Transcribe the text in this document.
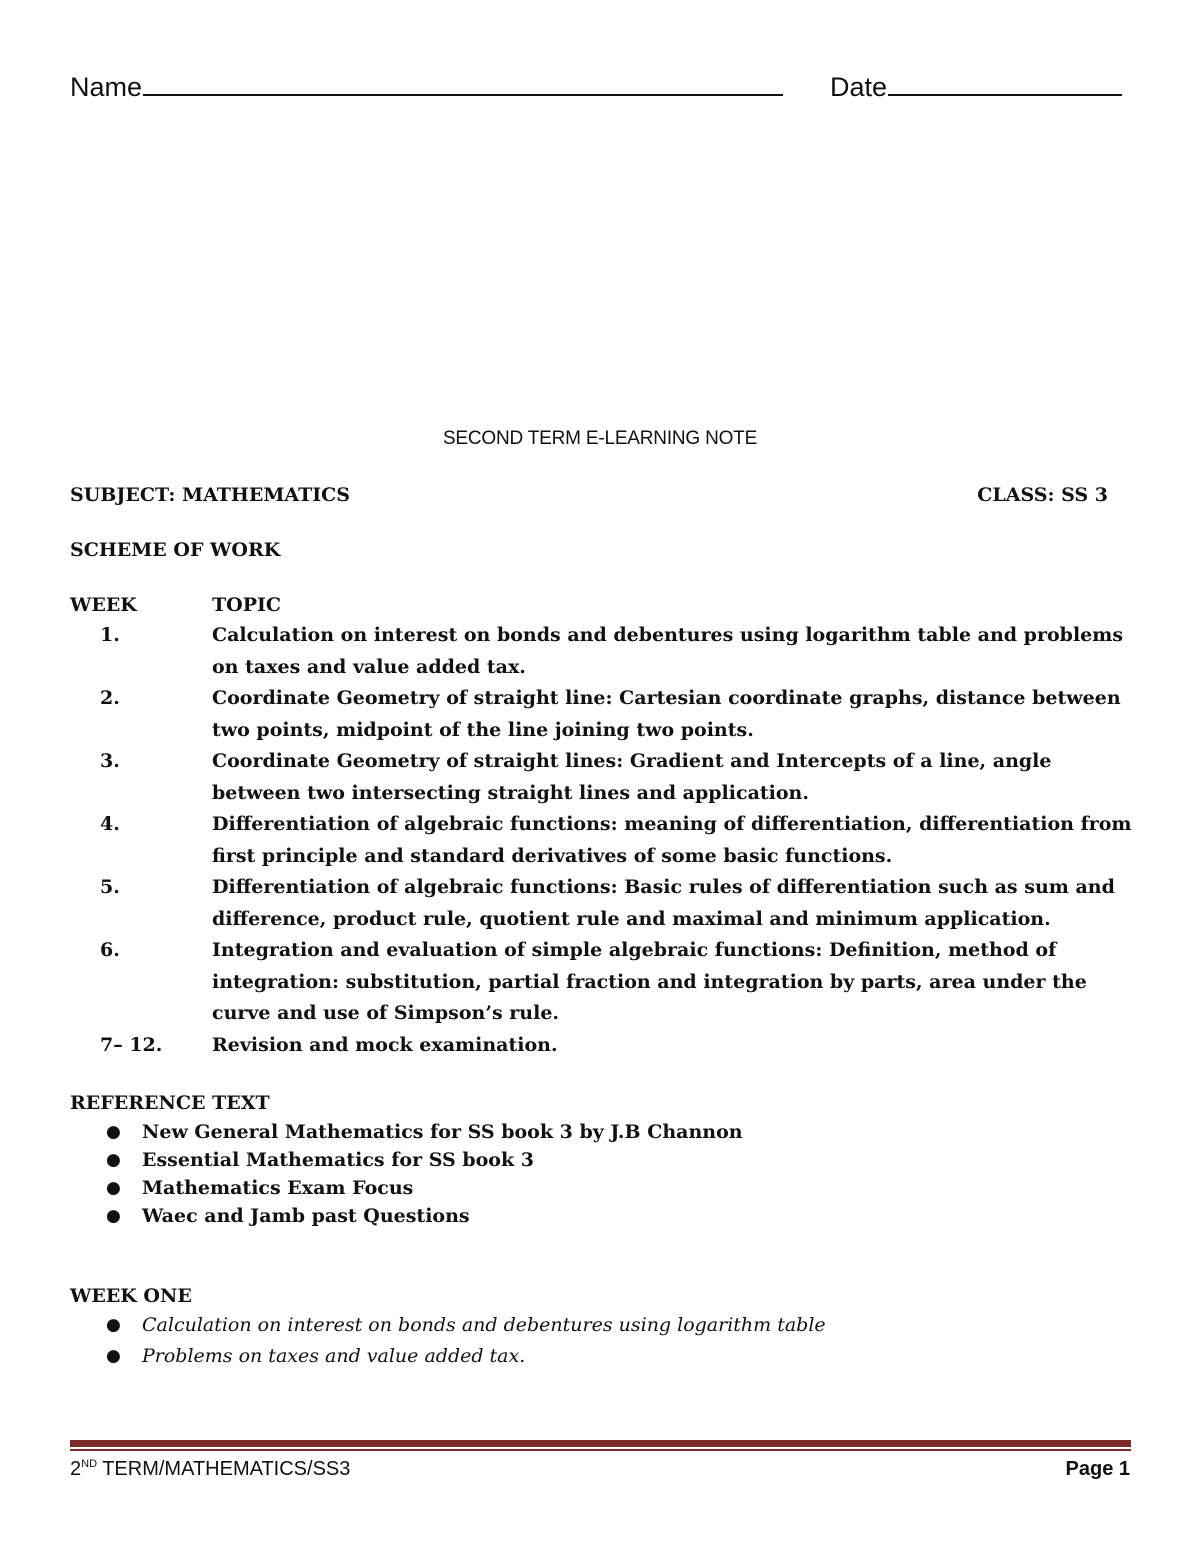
Name	Date
SECOND TERM E-LEARNING NOTE
SUBJECT: MATHEMATICS	CLASS: SS 3
SCHEME OF WORK
WEEK	TOPIC
1.	Calculation on interest on bonds and debentures using logarithm table and problems on taxes and value added tax.
2.	Coordinate Geometry of straight line: Cartesian coordinate graphs, distance between two points, midpoint of the line joining two points.
3.	Coordinate Geometry of straight lines: Gradient and Intercepts of a line, angle between two intersecting straight lines and application.
4.	Differentiation of algebraic functions: meaning of differentiation, differentiation from first principle and standard derivatives of some basic functions.
5.	Differentiation of algebraic functions: Basic rules of differentiation such as sum and difference, product rule, quotient rule and maximal and minimum application.
6.	Integration and evaluation of simple algebraic functions: Definition, method of integration: substitution, partial fraction and integration by parts, area under the curve and use of Simpson’s rule.
7– 12.	Revision and mock examination.
REFERENCE TEXT
● New General Mathematics for SS book 3 by J.B Channon
● Essential Mathematics for SS book 3
● Mathematics Exam Focus
● Waec and Jamb past Questions
WEEK ONE
● Calculation on interest on bonds and debentures using logarithm table
● Problems on taxes and value added tax.
2ND TERM/MATHEMATICS/SS3	Page 1
